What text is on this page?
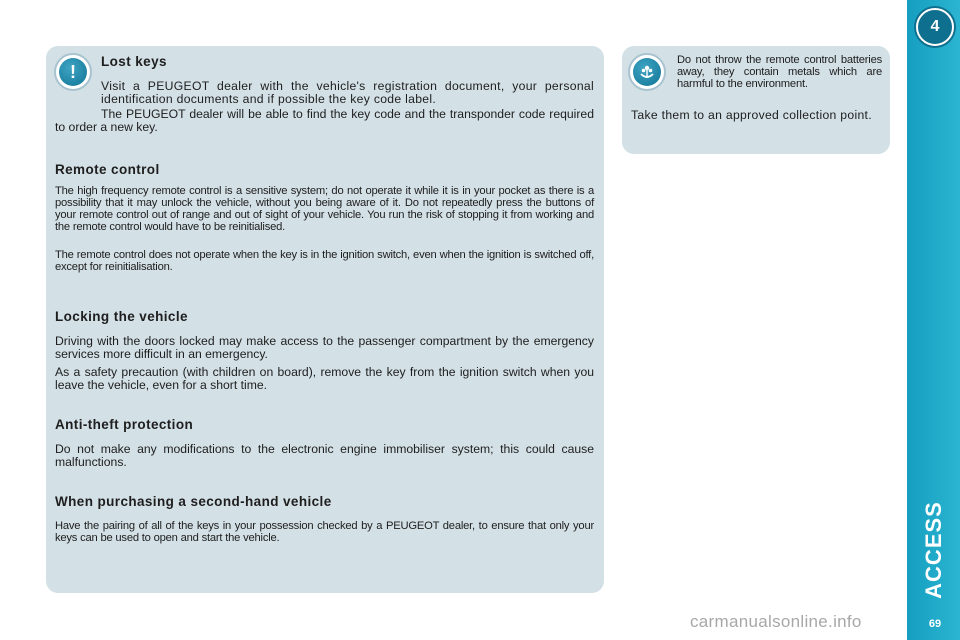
!
Lost keys

Visit a PEUGEOT dealer with the vehicle's registration document, your personal identification documents and if possible the key code label.

The PEUGEOT dealer will be able to find the key code and the transponder code required to order a new key.

Remote control

The high frequency remote control is a sensitive system; do not operate it while it is in your pocket as there is a possibility that it may unlock the vehicle, without you being aware of it. Do not repeatedly press the buttons of your remote control out of range and out of sight of your vehicle. You run the risk of stopping it from working and the remote control would have to be reinitialised.

The remote control does not operate when the key is in the ignition switch, even when the ignition is switched off, except for reinitialisation.

Locking the vehicle

Driving with the doors locked may make access to the passenger compartment by the emergency services more difficult in an emergency.

As a safety precaution (with children on board), remove the key from the ignition switch when you leave the vehicle, even for a short time.

Anti-theft protection

Do not make any modifications to the electronic engine immobiliser system; this could cause malfunctions.

When purchasing a second-hand vehicle

Have the pairing of all of the keys in your possession checked by a PEUGEOT dealer, to ensure that only your keys can be used to open and start the vehicle.

Do not throw the remote control batteries away, they contain metals which are harmful to the environment.

Take them to an approved collection point.

4
ACCESS
69
carmanualsonline.info
